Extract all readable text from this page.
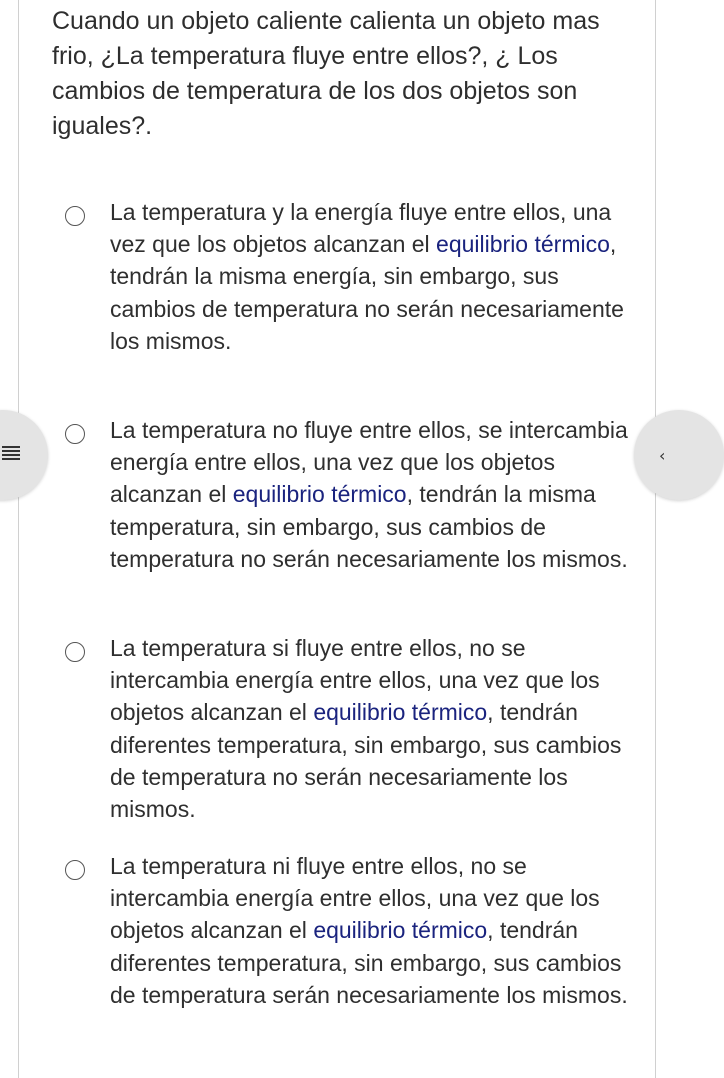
Cuando un objeto caliente calienta un objeto mas frio, ¿La temperatura fluye entre ellos?, ¿ Los cambios de temperatura de los dos objetos son iguales?.
La temperatura y la energía fluye entre ellos, una vez que los objetos alcanzan el equilibrio térmico, tendrán la misma energía, sin embargo, sus cambios de temperatura no serán necesariamente los mismos.
La temperatura no fluye entre ellos, se intercambia energía entre ellos, una vez que los objetos alcanzan el equilibrio térmico, tendrán la misma temperatura, sin embargo, sus cambios de temperatura no serán necesariamente los mismos.
La temperatura si fluye entre ellos, no se intercambia energía entre ellos, una vez que los objetos alcanzan el equilibrio térmico, tendrán diferentes temperatura, sin embargo, sus cambios de temperatura no serán necesariamente los mismos.
La temperatura ni fluye entre ellos, no se intercambia energía entre ellos, una vez que los objetos alcanzan el equilibrio térmico, tendrán diferentes temperatura, sin embargo, sus cambios de temperatura serán necesariamente los mismos.
‹
